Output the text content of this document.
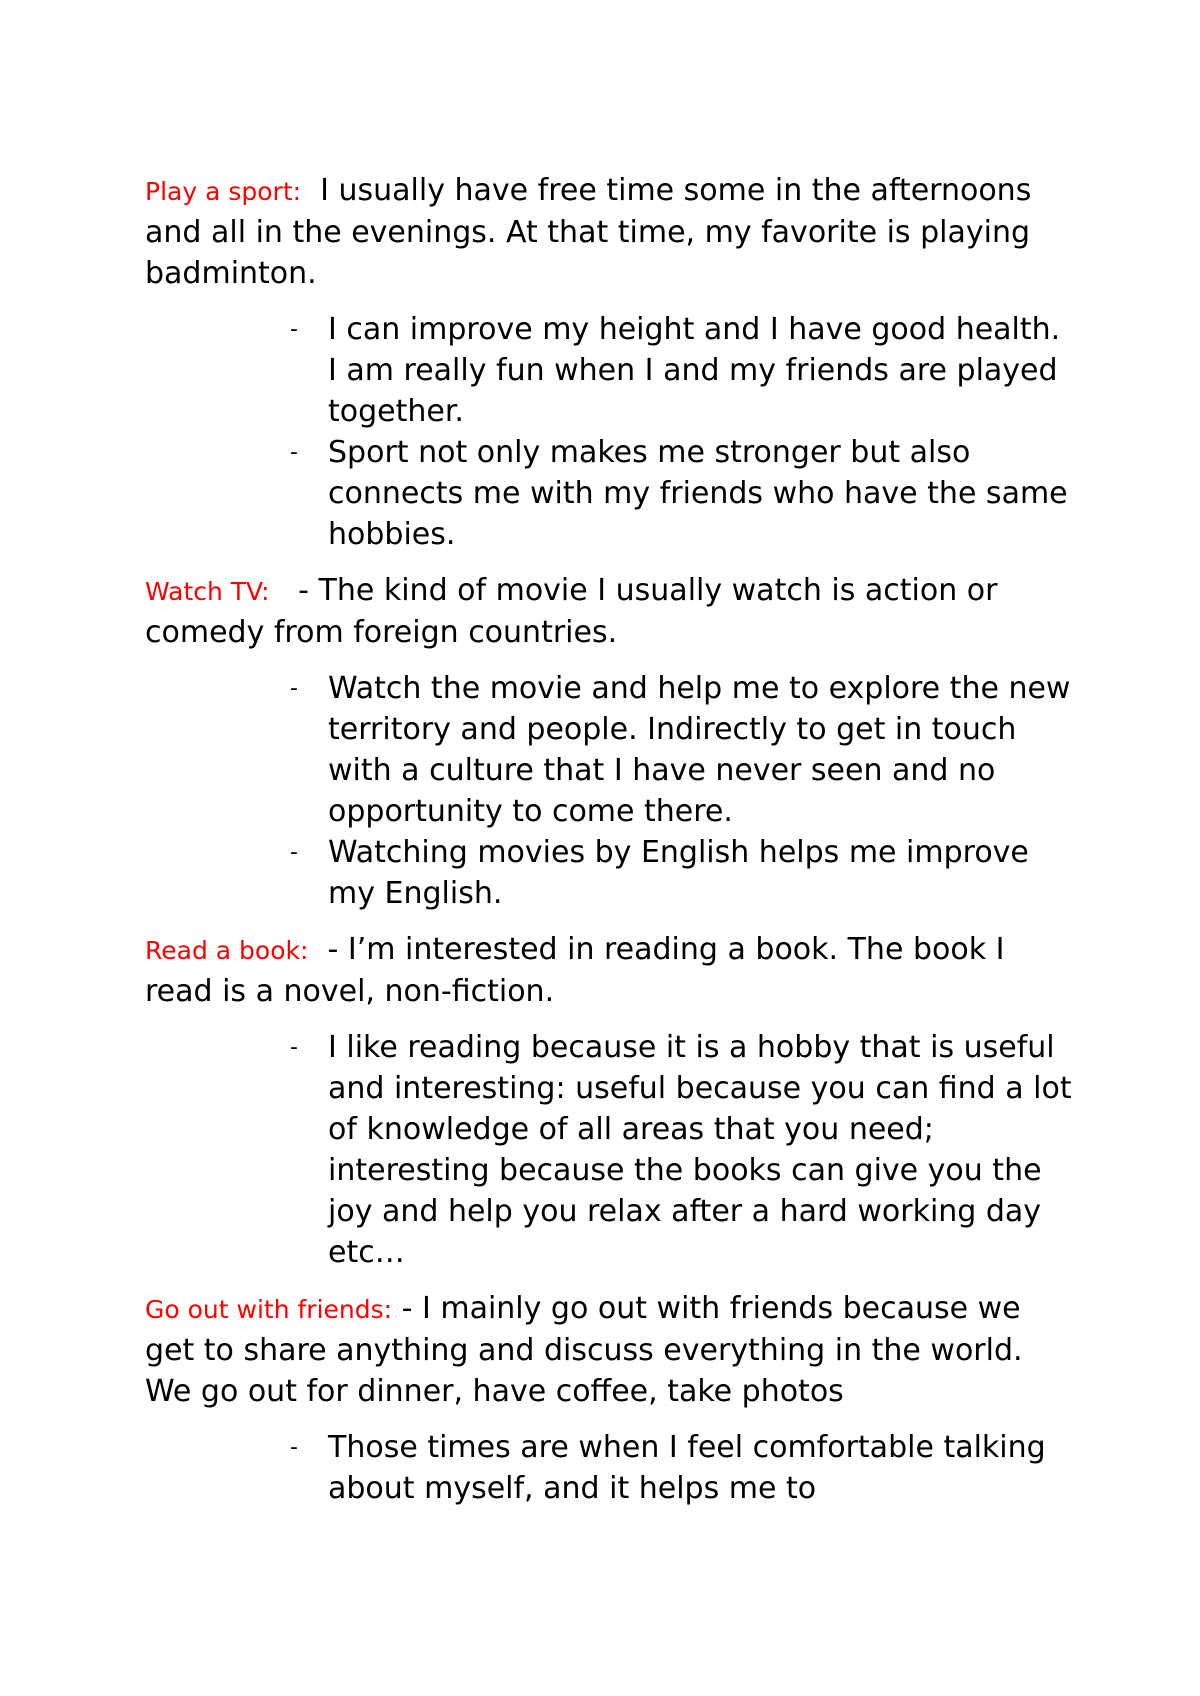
Play a sport: I usually have free time some in the afternoons and all in the evenings. At that time, my favorite is playing badminton.

- I can improve my height and I have good health. I am really fun when I and my friends are played together.
- Sport not only makes me stronger but also connects me with my friends who have the same hobbies.

Watch TV: - The kind of movie I usually watch is action or comedy from foreign countries.

- Watch the movie and help me to explore the new territory and people. Indirectly to get in touch with a culture that I have never seen and no opportunity to come there.
- Watching movies by English helps me improve my English.

Read a book: - I’m interested in reading a book. The book I read is a novel, non-fiction.

- I like reading because it is a hobby that is useful and interesting: useful because you can find a lot of knowledge of all areas that you need; interesting because the books can give you the joy and help you relax after a hard working day etc…

Go out with friends: - I mainly go out with friends because we get to share anything and discuss everything in the world. We go out for dinner, have coffee, take photos

- Those times are when I feel comfortable talking about myself, and it helps me to
